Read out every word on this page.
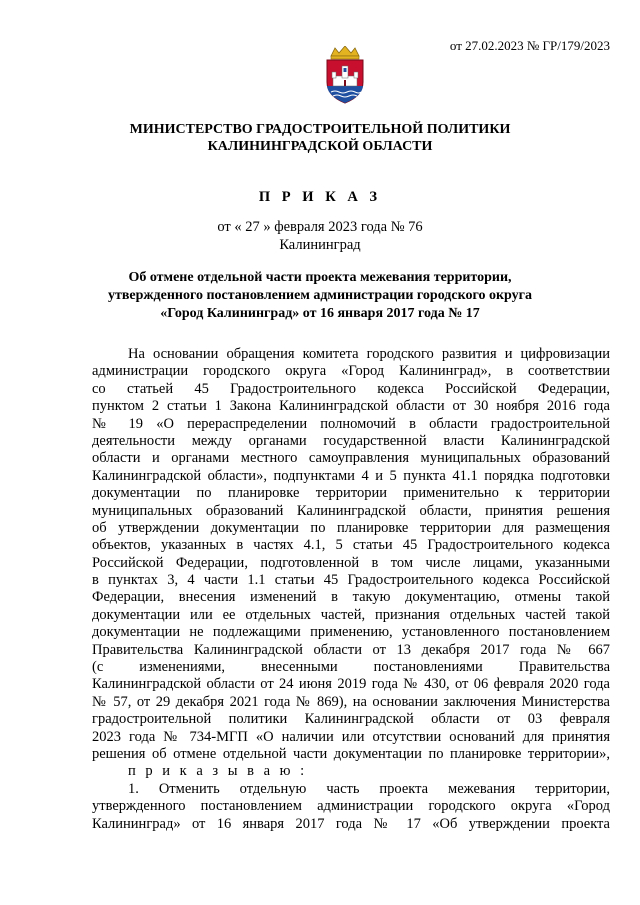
от 27.02.2023 № ГР/179/2023
МИНИСТЕРСТВО ГРАДОСТРОИТЕЛЬНОЙ ПОЛИТИКИ
КАЛИНИНГРАДСКОЙ ОБЛАСТИ
П Р И К А З
от « 27 » февраля 2023 года № 76
Калининград
Об отмене отдельной части проекта межевания территории,
утвержденного постановлением администрации городского округа
«Город Калининград» от 16 января 2017 года № 17
На основании обращения комитета городского развития и цифровизации
администрации городского округа «Город Калининград», в соответствии
со статьей 45 Градостроительного кодекса Российской Федерации,
пунктом 2 статьи 1 Закона Калининградской области от 30 ноября 2016 года
№ 19 «О перераспределении полномочий в области градостроительной
деятельности между органами государственной власти Калининградской
области и органами местного самоуправления муниципальных образований
Калининградской области», подпунктами 4 и 5 пункта 41.1 порядка подготовки
документации по планировке территории применительно к территории
муниципальных образований Калининградской области, принятия решения
об утверждении документации по планировке территории для размещения
объектов, указанных в частях 4.1, 5 статьи 45 Градостроительного кодекса
Российской Федерации, подготовленной в том числе лицами, указанными
в пунктах 3, 4 части 1.1 статьи 45 Градостроительного кодекса Российской
Федерации, внесения изменений в такую документацию, отмены такой
документации или ее отдельных частей, признания отдельных частей такой
документации не подлежащими применению, установленного постановлением
Правительства Калининградской области от 13 декабря 2017 года № 667
(с изменениями, внесенными постановлениями Правительства
Калининградской области от 24 июня 2019 года № 430, от 06 февраля 2020 года
№ 57, от 29 декабря 2021 года № 869), на основании заключения Министерства
градостроительной политики Калининградской области от 03 февраля
2023 года № 734-МГП «О наличии или отсутствии оснований для принятия
решения об отмене отдельной части документации по планировке территории»,
п р и к а з ы в а ю :
1. Отменить отдельную часть проекта межевания территории,
утвержденного постановлением администрации городского округа «Город
Калининград» от 16 января 2017 года № 17 «Об утверждении проекта
